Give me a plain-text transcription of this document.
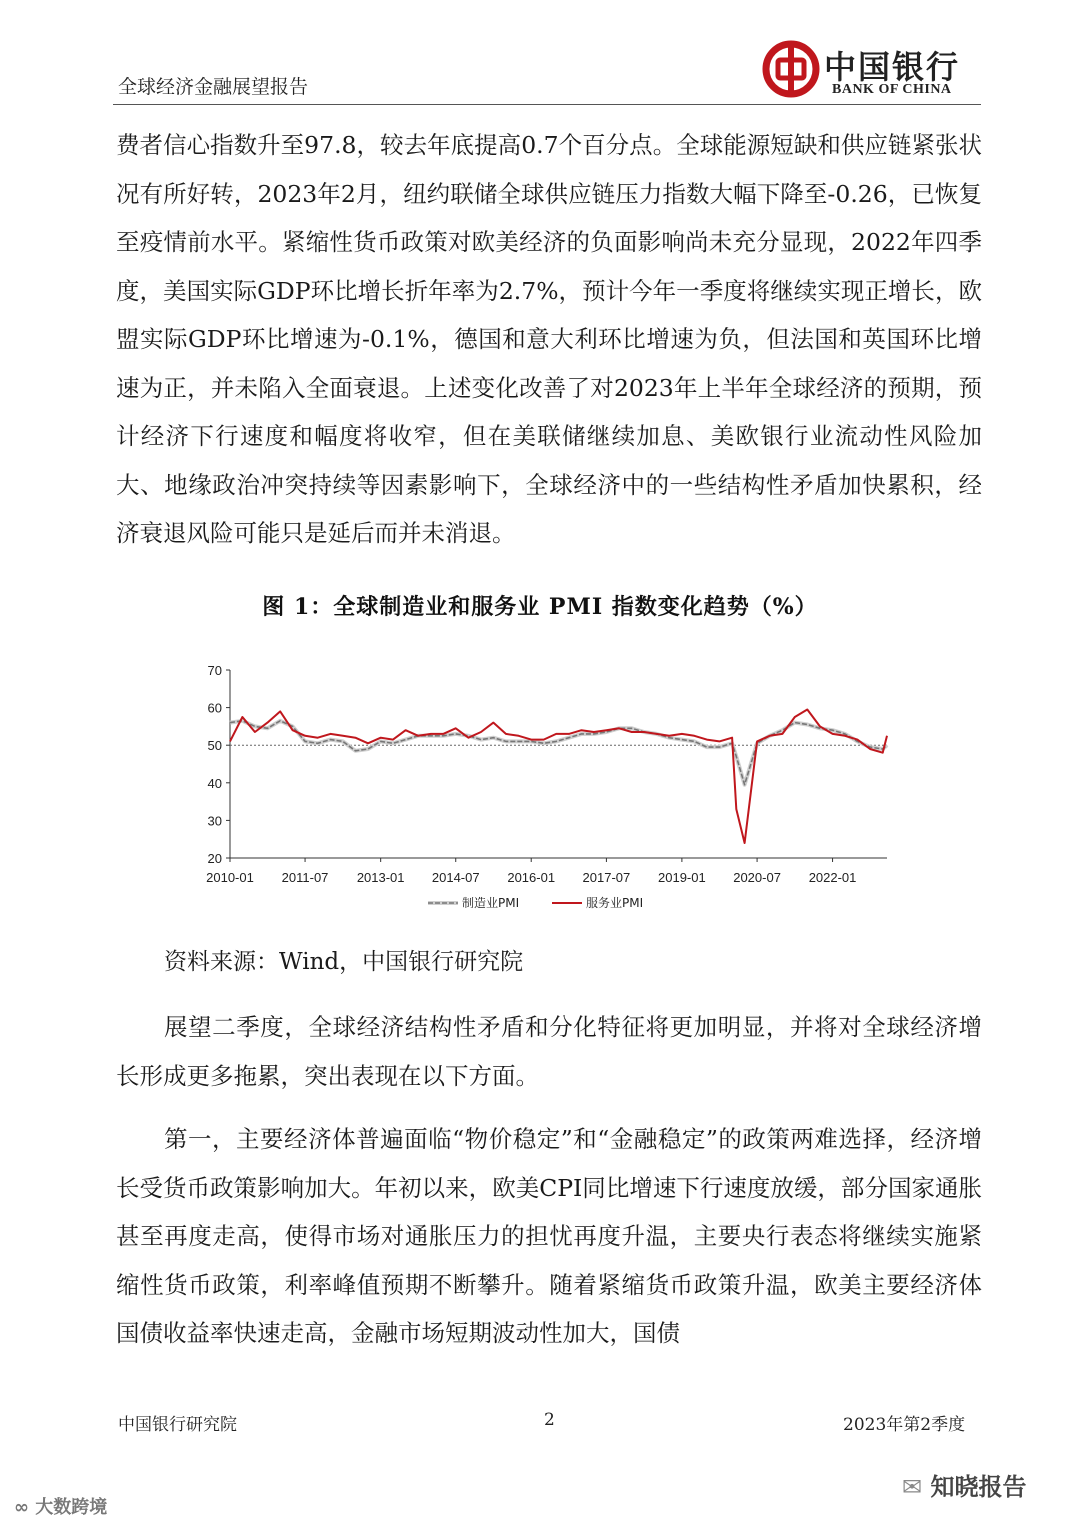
全球经济金融展望报告
中国银行
BANK OF CHINA

费者信心指数升至97.8，较去年底提高0.7个百分点。全球能源短缺和供应链紧张状况有所好转，2023年2月，纽约联储全球供应链压力指数大幅下降至-0.26，已恢复至疫情前水平。紧缩性货币政策对欧美经济的负面影响尚未充分显现，2022年四季度，美国实际GDP环比增长折年率为2.7%，预计今年一季度将继续实现正增长，欧盟实际GDP环比增速为-0.1%，德国和意大利环比增速为负，但法国和英国环比增速为正，并未陷入全面衰退。上述变化改善了对2023年上半年全球经济的预期，预计经济下行速度和幅度将收窄，但在美联储继续加息、美欧银行业流动性风险加大、地缘政治冲突持续等因素影响下，全球经济中的一些结构性矛盾加快累积，经济衰退风险可能只是延后而并未消退。

图 1：全球制造业和服务业 PMI 指数变化趋势（%）
20
30
40
50
60
70
2010-01 2011-07 2013-01 2014-07 2016-01 2017-07 2019-01 2020-07 2022-01
制造业PMI	服务业PMI
资料来源：Wind，中国银行研究院

展望二季度，全球经济结构性矛盾和分化特征将更加明显，并将对全球经济增长形成更多拖累，突出表现在以下方面。

第一，主要经济体普遍面临“物价稳定”和“金融稳定”的政策两难选择，经济增长受货币政策影响加大。年初以来，欧美CPI同比增速下行速度放缓，部分国家通胀甚至再度走高，使得市场对通胀压力的担忧再度升温，主要央行表态将继续实施紧缩性货币政策，利率峰值预期不断攀升。随着紧缩货币政策升温，欧美主要经济体国债收益率快速走高，金融市场短期波动性加大，国债

中国银行研究院	2	2023年第2季度
✉ 知晓报告
∞ 大数跨境
